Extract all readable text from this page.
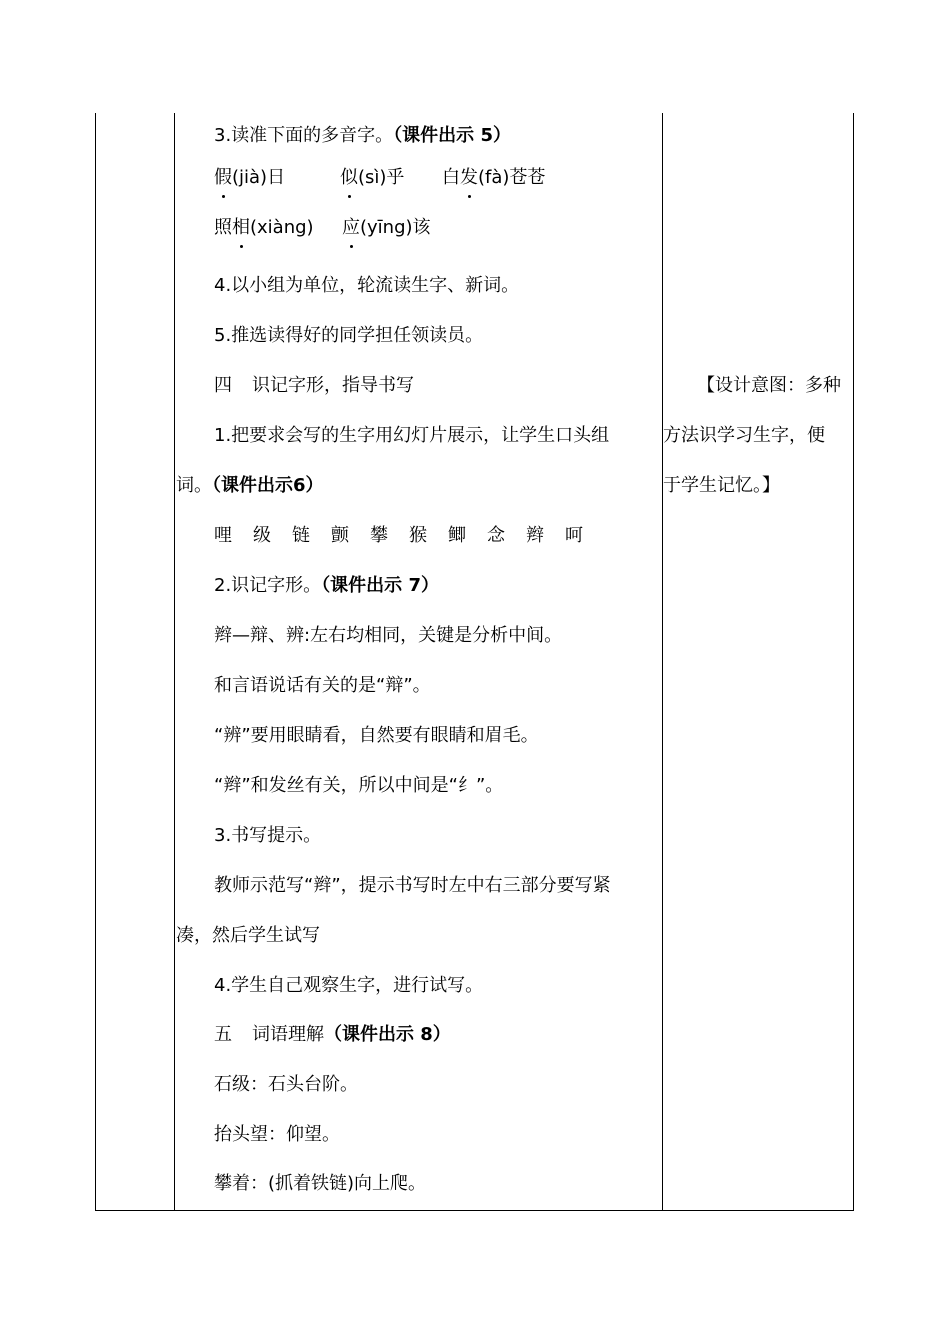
3.读准下面的多音字。（课件出示 5）
假(jià)日	似(sì)乎 白发(fà)苍苍
照相(xiàng) 应(yīng)该
4.以小组为单位，轮流读生字、新词。
5.推选读得好的同学担任领读员。
四 识记字形，指导书写
1.把要求会写的生字用幻灯片展示，让学生口头组
词。（课件出示6）
哩 级 链 颤 攀 猴 鲫 念 辫 呵
2.识记字形。（课件出示 7）
辫—辩、辨:左右均相同，关键是分析中间。
和言语说话有关的是“辩”。
“辨”要用眼睛看，自然要有眼睛和眉毛。
“辫”和发丝有关，所以中间是“纟”。
3.书写提示。
教师示范写“辫”，提示书写时左中右三部分要写紧
凑，然后学生试写
4.学生自己观察生字，进行试写。
五 词语理解（课件出示 8）
石级：石头台阶。
抬头望：仰望。
攀着：(抓着铁链)向上爬。
【设计意图：多种
方法识学习生字，便
于学生记忆。】
